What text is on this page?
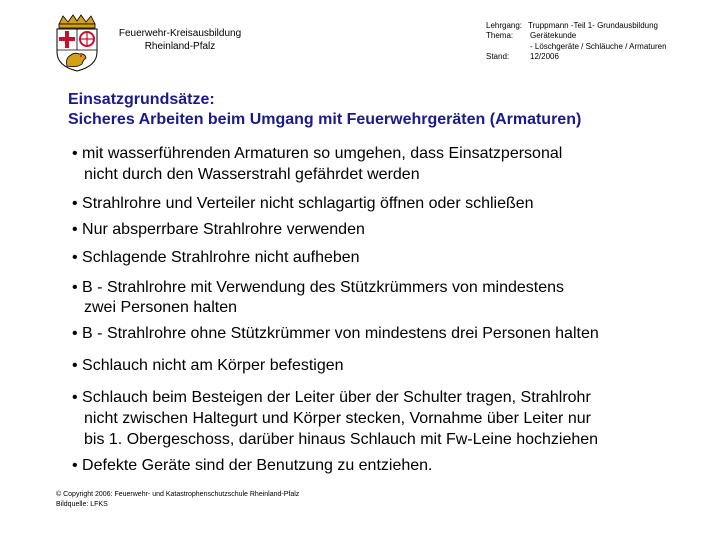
Feuerwehr-Kreisausbildung
Rheinland-Pfalz
Lehrgang: Truppmann -Teil 1- Grundausbildung
Thema: Gerätekunde
- Löschgeräte / Schläuche / Armaturen
Stand:	12/2006
Einsatzgrundsätze:
Sicheres Arbeiten beim Umgang mit Feuerwehrgeräten (Armaturen)
• mit wasserführenden Armaturen so umgehen, dass Einsatzpersonal
nicht durch den Wasserstrahl gefährdet werden
• Strahlrohre und Verteiler nicht schlagartig öffnen oder schließen
• Nur absperrbare Strahlrohre verwenden
• Schlagende Strahlrohre nicht aufheben
• B - Strahlrohre mit Verwendung des Stützkrümmers von mindestens
zwei Personen halten
• B - Strahlrohre ohne Stützkrümmer von mindestens drei Personen halten
• Schlauch nicht am Körper befestigen
• Schlauch beim Besteigen der Leiter über der Schulter tragen, Strahlrohr
nicht zwischen Haltegurt und Körper stecken, Vornahme über Leiter nur
bis 1. Obergeschoss, darüber hinaus Schlauch mit Fw-Leine hochziehen
• Defekte Geräte sind der Benutzung zu entziehen.
© Copyright 2006: Feuerwehr- und Katastrophenschutzschule Rheinland-Pfalz
Bildquelle: LFKS
